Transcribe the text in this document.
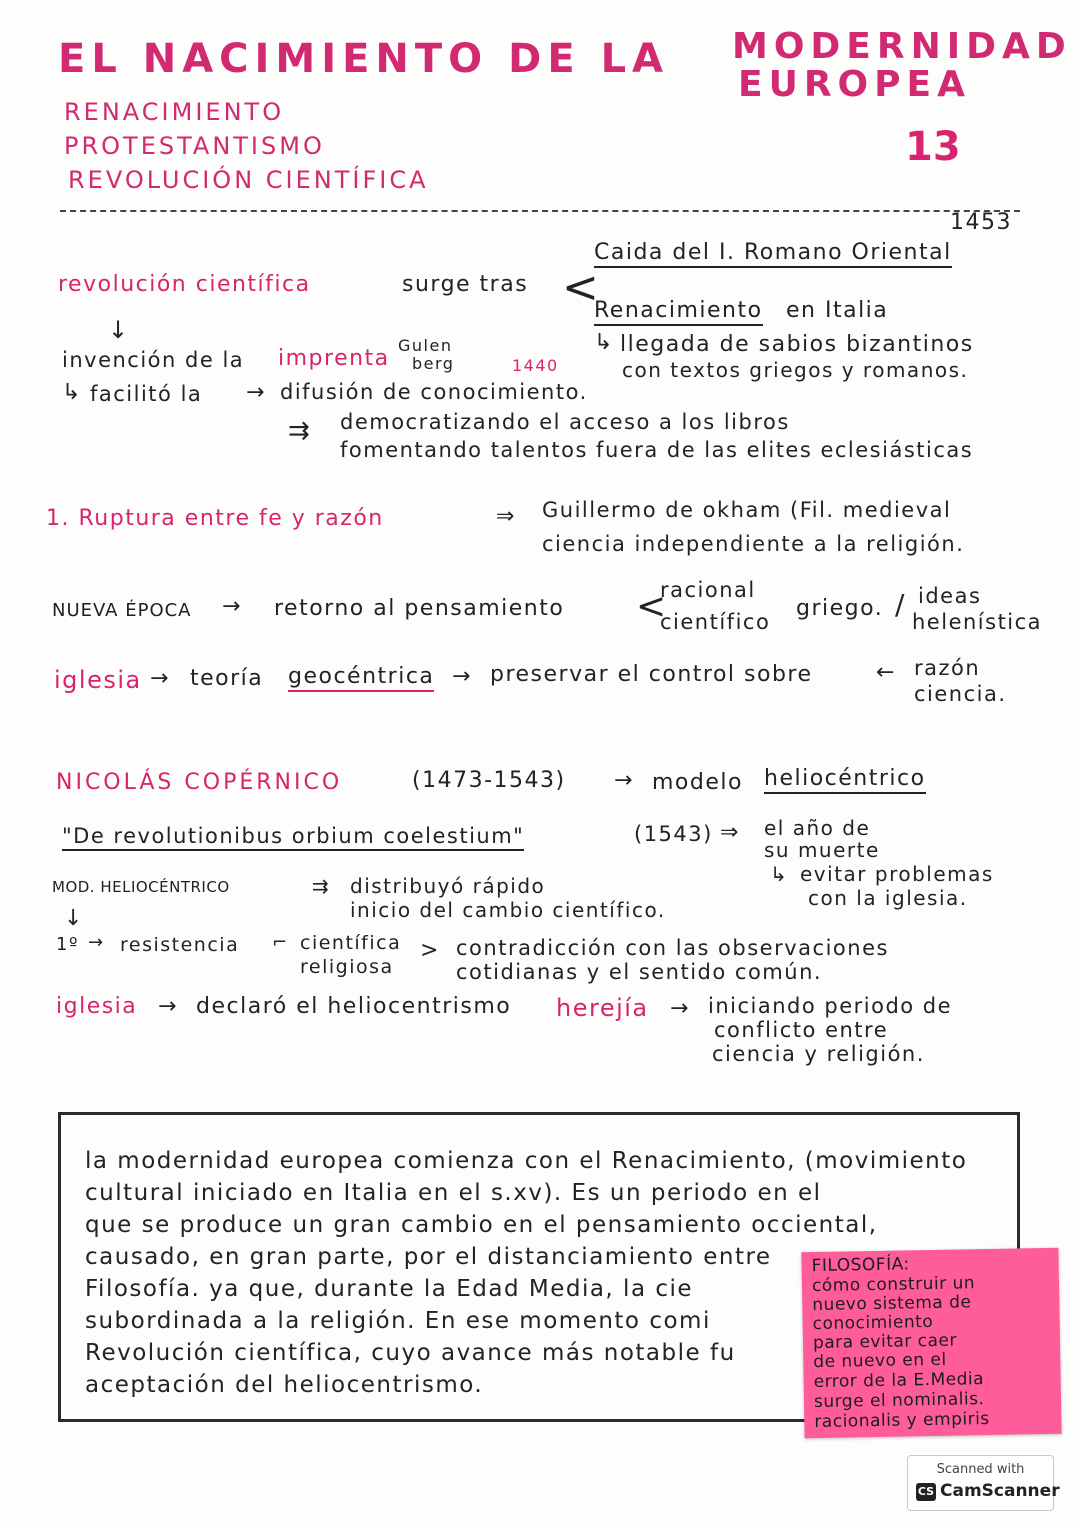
EL NACIMIENTO DE LA MODERNIDAD
EUROPEA
RENACIMIENTO
PROTESTANTISMO
REVOLUCIÓN CIENTÍFICA
13
1453
Caida del I. Romano Oriental
revolución científica	surge tras <
Renacimiento en Italia
↳ llegada de sabios bizantinos
con textos griegos y romanos.
↓
invención de la imprenta
Gulen
berg	1440
↳ facilitó la → difusión de conocimiento.
⇉ democratizando el acceso a los libros
fomentando talentos fuera de las elites eclesiásticas
1. Ruptura entre fe y razón	⇒ Guillermo de okham (Fil. medieval
ciencia independiente a la religión.
NUEVA ÉPOCA → retorno al pensamiento <
racional
científico
griego. / ideas
helenística
iglesia → teoría geocéntrica → preservar el control sobre	← razón
ciencia.
NICOLÁS COPÉRNICO	(1473-1543) → modelo heliocéntrico
"De revolutionibus orbium coelestium"	(1543) ⇒ el año de
su muerte
↳ evitar problemas
con la iglesia.
MOD. HELIOCÉNTRICO	⇉ distribuyó rápido
inicio del cambio científico.
↓
1º → resistencia ⌐ científica
religiosa
> contradicción con las observaciones
cotidianas y el sentido común.
iglesia → declaró el heliocentrismo herejía → iniciando periodo de
conflicto entre
ciencia y religión.
la modernidad europea comienza con el Renacimiento, (movimiento
cultural iniciado en Italia en el s.xv). Es un periodo en el
que se produce un gran cambio en el pensamiento occiental,
causado, en gran parte, por el distanciamiento entre
Filosofía. ya que, durante la Edad Media, la cie
subordinada a la religión. En ese momento comi
Revolución científica, cuyo avance más notable fu
aceptación del heliocentrismo.
FILOSOFÍA:
cómo construir un
nuevo sistema de
conocimiento
para evitar caer
de nuevo en el
error de la E.Media
surge el nominalis.
racionalis y empiris
Scanned with
CS CamScanner
